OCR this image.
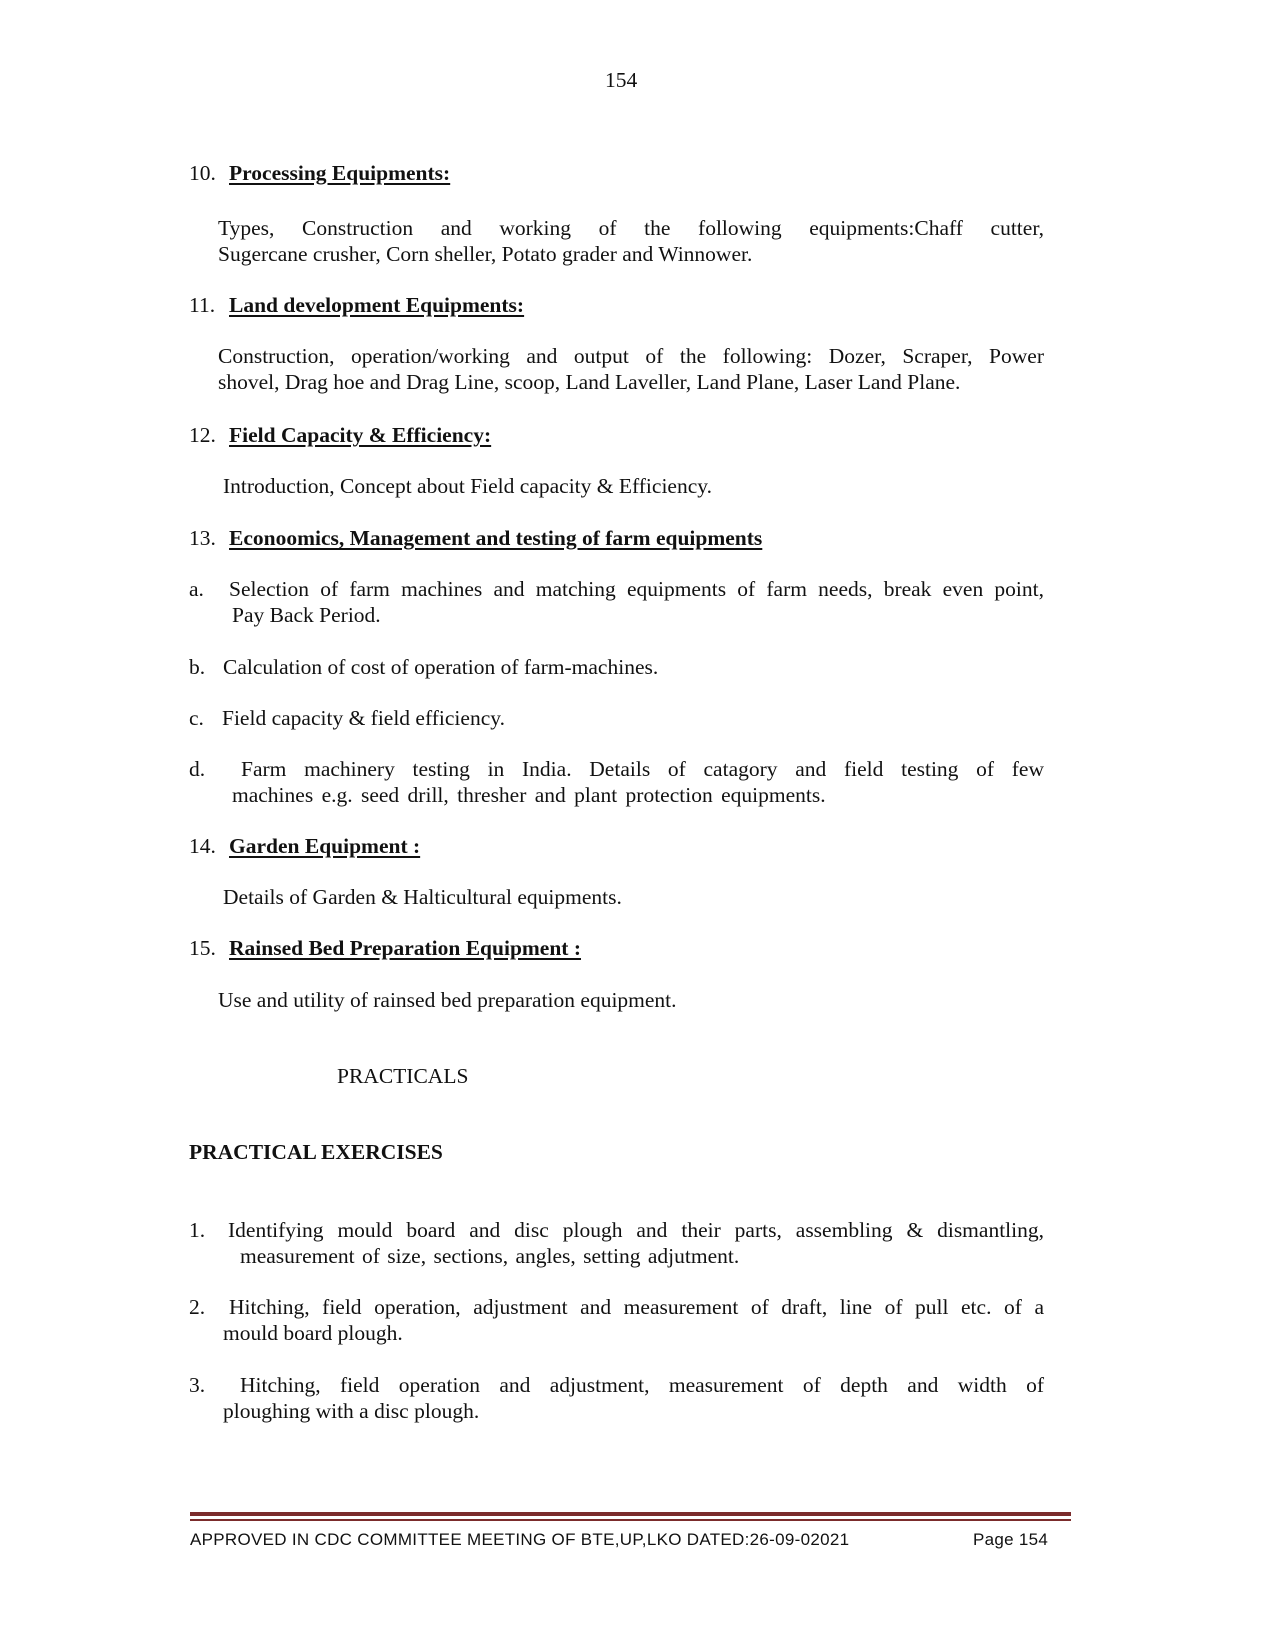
154
10. Processing Equipments:
Types, Construction and working of the following equipments:Chaff cutter,
Sugercane crusher, Corn sheller, Potato grader and Winnower.
11. Land development Equipments:
Construction, operation/working and output of the following: Dozer, Scraper, Power
shovel, Drag hoe and Drag Line, scoop, Land Laveller, Land Plane, Laser Land Plane.
12. Field Capacity & Efficiency:
Introduction, Concept about Field capacity & Efficiency.
13. Econoomics, Management and testing of farm equipments
a. Selection of farm machines and matching equipments of farm needs, break even point,
Pay Back Period.
b. Calculation of cost of operation of farm-machines.
c. Field capacity & field efficiency.
d. Farm machinery testing in India. Details of catagory and field testing of few
machines e.g. seed drill, thresher and plant protection equipments.
14. Garden Equipment :
Details of Garden & Halticultural equipments.
15. Rainsed Bed Preparation Equipment :
Use and utility of rainsed bed preparation equipment.
PRACTICALS
PRACTICAL EXERCISES
1. Identifying mould board and disc plough and their parts, assembling & dismantling,
measurement of size, sections, angles, setting adjutment.
2. Hitching, field operation, adjustment and measurement of draft, line of pull etc. of a
mould board plough.
3. Hitching, field operation and adjustment, measurement of depth and width of
ploughing with a disc plough.
APPROVED IN CDC COMMITTEE MEETING OF BTE,UP,LKO DATED:26-09-02021	Page 154
